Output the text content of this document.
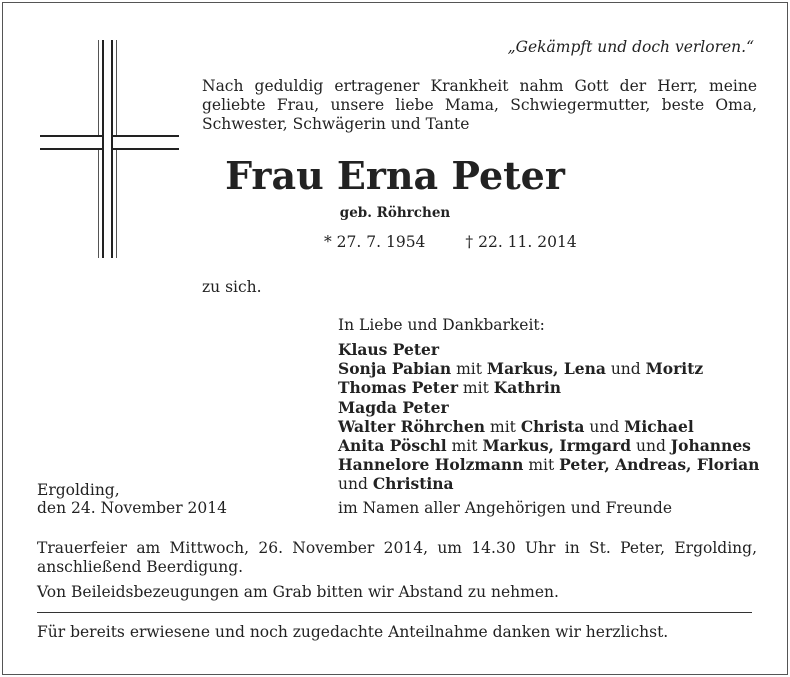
„Gekämpft und doch verloren.“
Nach geduldig ertragener Krankheit nahm Gott der Herr, meine geliebte Frau, unsere liebe Mama, Schwiegermutter, beste Oma, Schwester, Schwägerin und Tante
Frau Erna Peter
geb. Röhrchen
* 27. 7. 1954	† 22. 11. 2014
zu sich.
In Liebe und Dankbarkeit:
Klaus Peter
Sonja Pabian mit Markus, Lena und Moritz
Thomas Peter mit Kathrin
Magda Peter
Walter Röhrchen mit Christa und Michael
Anita Pöschl mit Markus, Irmgard und Johannes
Hannelore Holzmann mit Peter, Andreas, Florian
und Christina
Ergolding,
den 24. November 2014	im Namen aller Angehörigen und Freunde
Trauerfeier am Mittwoch, 26. November 2014, um 14.30 Uhr in St. Peter, Ergolding, anschließend Beerdigung.
Von Beileidsbezeugungen am Grab bitten wir Abstand zu nehmen.
Für bereits erwiesene und noch zugedachte Anteilnahme danken wir herzlichst.
